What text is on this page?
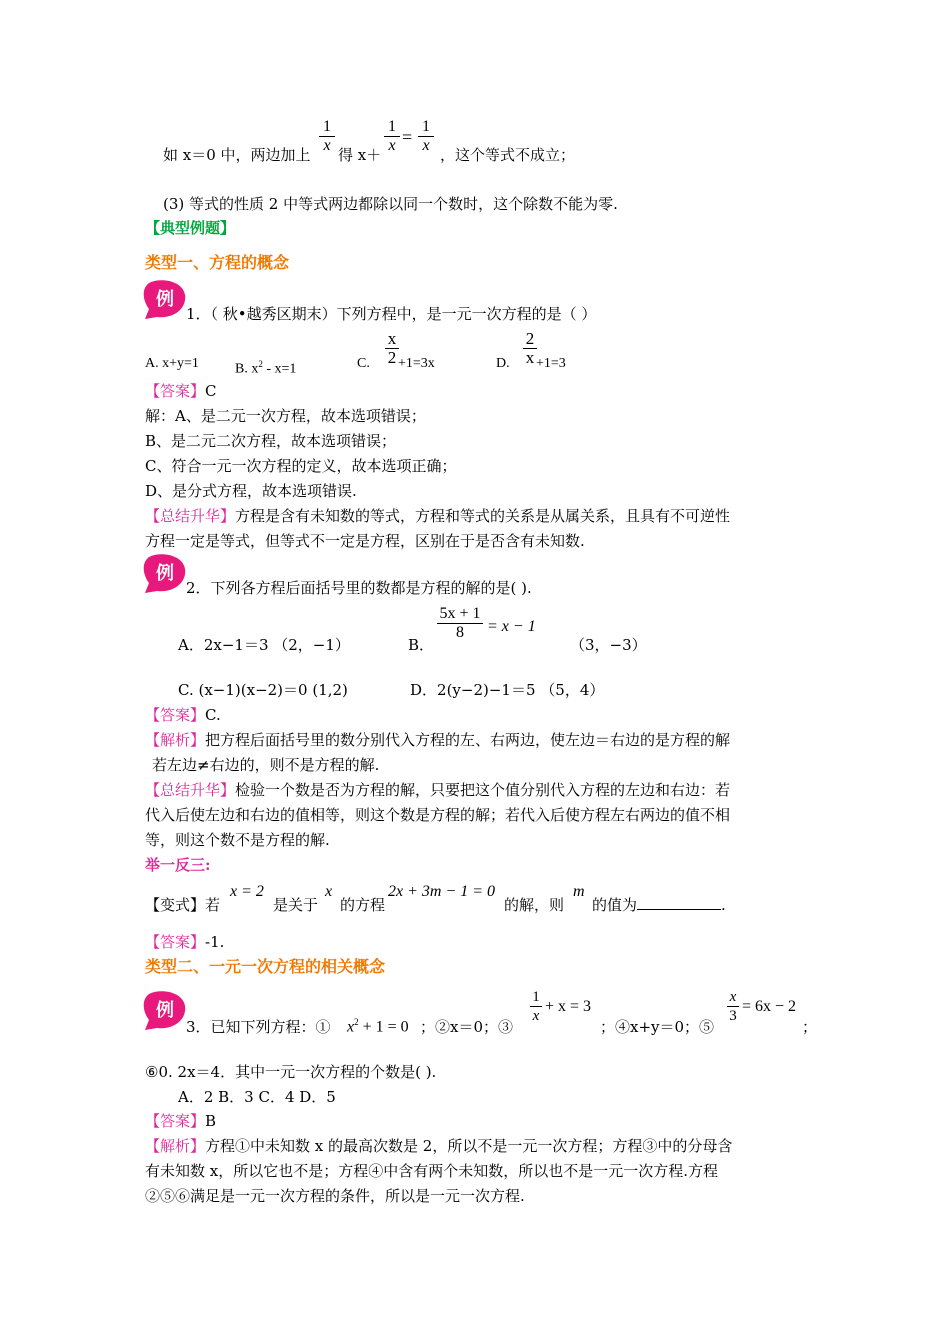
1
x
1
x =
1
x
如 x＝0 中，两边加上 得 x＋	，这个等式不成立；
(3) 等式的性质 2 中等式两边都除以同一个数时，这个除数不能为零.
【典型例题】
类型一、方程的概念
例
1．（ 秋•越秀区期末）下列方程中，是一元一次方程的是（ ）
A. x+y=1	B. $x^2 - x=1$	C.
x
2 +1=3x	D.
2
x +1=3
【答案】C
解：A、是二元一次方程，故本选项错误；
B、是二元二次方程，故本选项错误；
C、符合一元一次方程的定义，故本选项正确；
D、是分式方程，故本选项错误.
【总结升华】方程是含有未知数的等式，方程和等式的关系是从属关系，且具有不可逆性
方程一定是等式，但等式不一定是方程，区别在于是否含有未知数.
例
2．下列各方程后面括号里的数都是方程的解的是( ).
A．2x−1＝3 （2，−1）	B．
5x + 1
8	= x − 1
（3，−3）
C. (x−1)(x−2)＝0 (1,2)	D．2(y−2)−1＝5 （5，4）
【答案】C.
【解析】把方程后面括号里的数分别代入方程的左、右两边，使左边＝右边的是方程的解
若左边≠右边的，则不是方程的解.
【总结升华】检验一个数是否为方程的解，只要把这个值分别代入方程的左边和右边：若
代入后使左边和右边的值相等，则这个数是方程的解；若代入后使方程左右两边的值不相
等，则这个数不是方程的解.
举一反三:
【变式】若
x = 2
是关于
x
的方程
2x + 3m − 1 = 0
的解，则
m
的值为	.
【答案】-1.
类型二、一元一次方程的相关概念
例
3．已知下列方程：① $x^2 + 1 = 0$ ；②x＝0；③
1
x
+ x = 3
；④x+y＝0；⑤
x
3
= 6x − 2
；
⑥0. 2x＝4．其中一元一次方程的个数是( ).
A．2 B．3 C．4 D．5
【答案】B
【解析】方程①中未知数 x 的最高次数是 2，所以不是一元一次方程；方程③中的分母含
有未知数 x，所以它也不是；方程④中含有两个未知数，所以也不是一元一次方程.方程
②⑤⑥满足是一元一次方程的条件，所以是一元一次方程.
